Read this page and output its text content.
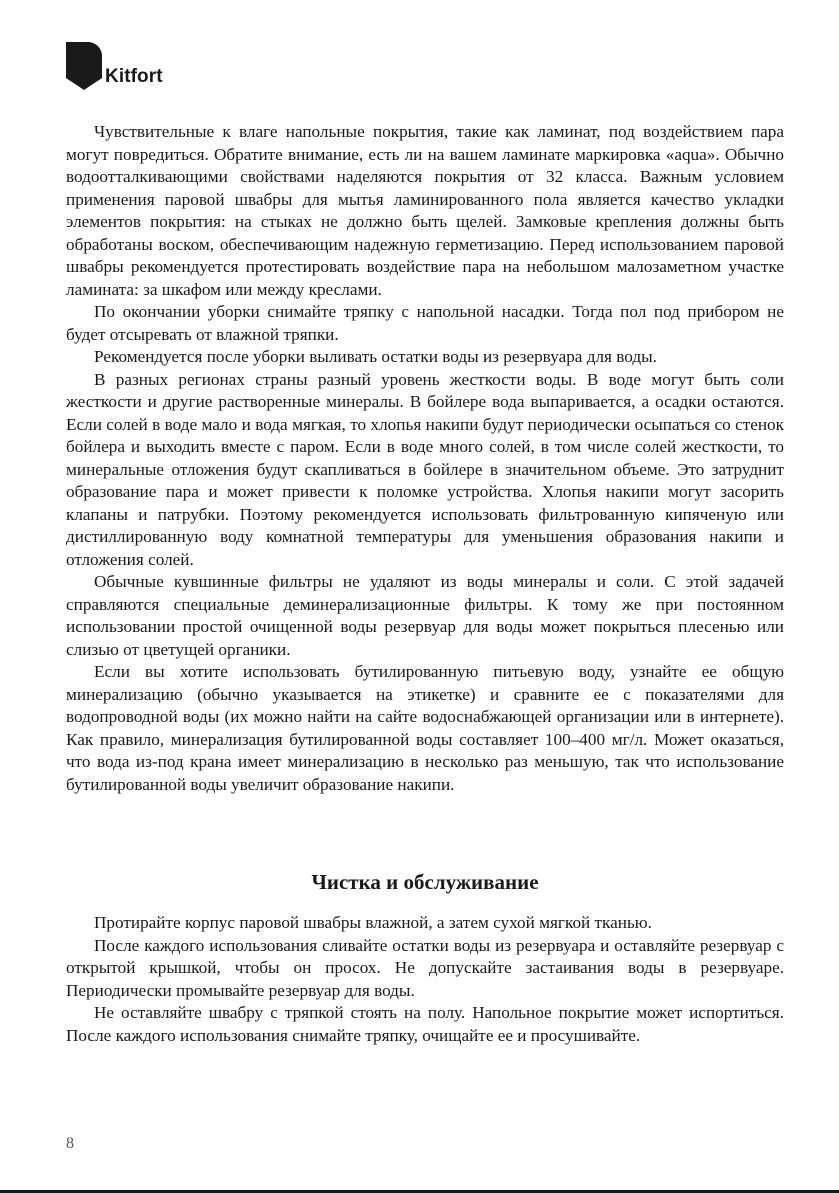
Kitfort

Чувствительные к влаге напольные покрытия, такие как ламинат, под воздействием пара могут повредиться. Обратите внимание, есть ли на вашем ламинате маркировка «aqua». Обычно водоотталкивающими свойствами наделяются покрытия от 32 класса. Важным условием применения паровой швабры для мытья ламинированного пола является качество укладки элементов покрытия: на стыках не должно быть щелей. Замковые крепления должны быть обработаны воском, обеспечивающим надежную герметизацию. Перед использованием паровой швабры рекомендуется протестировать воздействие пара на небольшом малозаметном участке ламината: за шкафом или между креслами.

По окончании уборки снимайте тряпку с напольной насадки. Тогда пол под прибором не будет отсыревать от влажной тряпки.

Рекомендуется после уборки выливать остатки воды из резервуара для воды.

В разных регионах страны разный уровень жесткости воды. В воде могут быть соли жесткости и другие растворенные минералы. В бойлере вода выпаривается, а осадки остаются. Если солей в воде мало и вода мягкая, то хлопья накипи будут периодически осыпаться со стенок бойлера и выходить вместе с паром. Если в воде много солей, в том числе солей жесткости, то минеральные отложения будут скапливаться в бойлере в значительном объеме. Это затруднит образование пара и может привести к поломке устройства. Хлопья накипи могут засорить клапаны и патрубки. Поэтому рекомендуется использовать фильтрованную кипяченую или дистиллированную воду комнатной температуры для уменьшения образования накипи и отложения солей.

Обычные кувшинные фильтры не удаляют из воды минералы и соли. С этой задачей справляются специальные деминерализационные фильтры. К тому же при постоянном использовании простой очищенной воды резервуар для воды может покрыться плесенью или слизью от цветущей органики.

Если вы хотите использовать бутилированную питьевую воду, узнайте ее общую минерализацию (обычно указывается на этикетке) и сравните ее с показателями для водопроводной воды (их можно найти на сайте водоснабжающей организации или в интернете). Как правило, минерализация бутилированной воды составляет 100–400 мг/л. Может оказаться, что вода из-под крана имеет минерализацию в несколько раз меньшую, так что использование бутилированной воды увеличит образование накипи.

Чистка и обслуживание

Протирайте корпус паровой швабры влажной, а затем сухой мягкой тканью.

После каждого использования сливайте остатки воды из резервуара и оставляйте резервуар с открытой крышкой, чтобы он просох. Не допускайте застаивания воды в резервуаре. Периодически промывайте резервуар для воды.

Не оставляйте швабру с тряпкой стоять на полу. Напольное покрытие может испортиться. После каждого использования снимайте тряпку, очищайте ее и просушивайте.

8
